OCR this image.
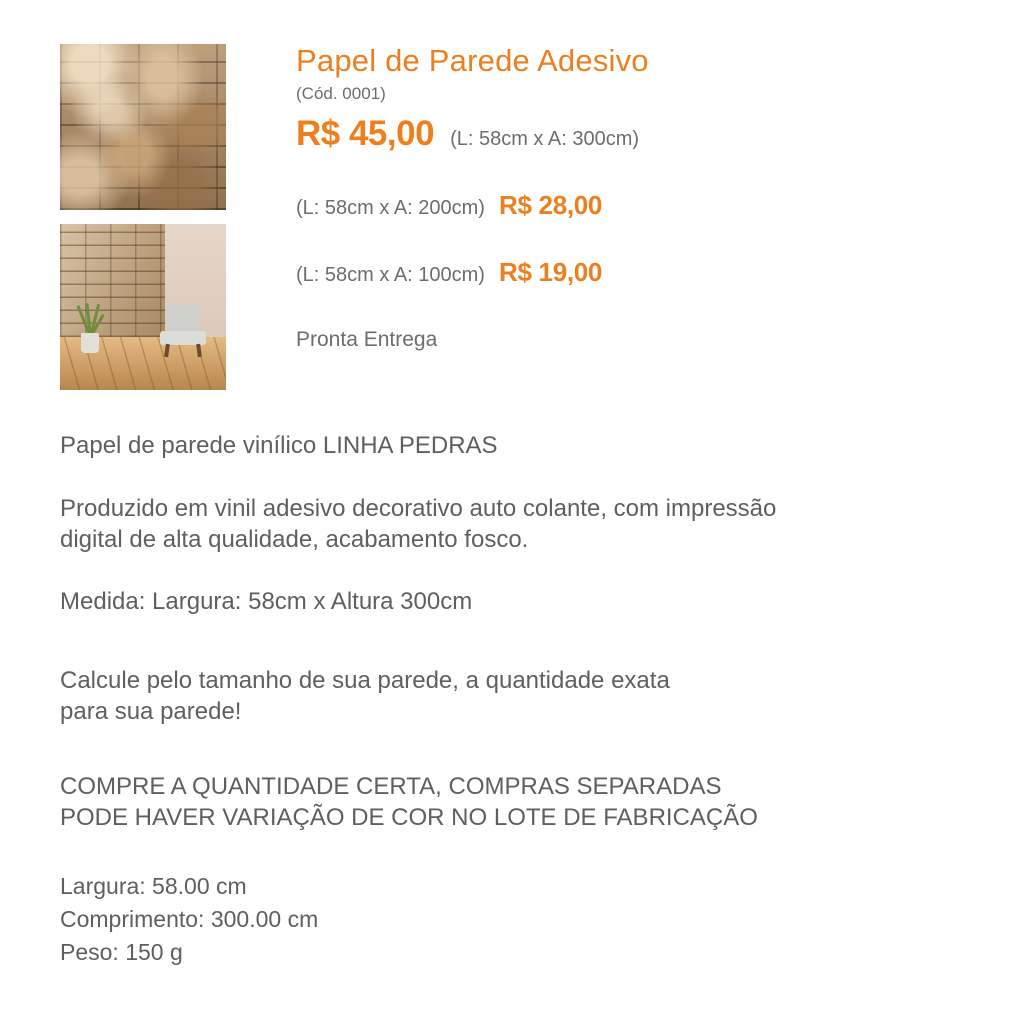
Papel de Parede Adesivo
(Cód. 0001)
R$ 45,00 (L: 58cm x A: 300cm)
(L: 58cm x A: 200cm) R$ 28,00
(L: 58cm x A: 100cm) R$ 19,00
Pronta Entrega

Papel de parede vinílico LINHA PEDRAS

Produzido em vinil adesivo decorativo auto colante, com impressão
digital de alta qualidade, acabamento fosco.

Medida: Largura: 58cm x Altura 300cm

Calcule pelo tamanho de sua parede, a quantidade exata
para sua parede!

COMPRE A QUANTIDADE CERTA, COMPRAS SEPARADAS
PODE HAVER VARIAÇÃO DE COR NO LOTE DE FABRICAÇÃO

Largura: 58.00 cm
Comprimento: 300.00 cm
Peso: 150 g
